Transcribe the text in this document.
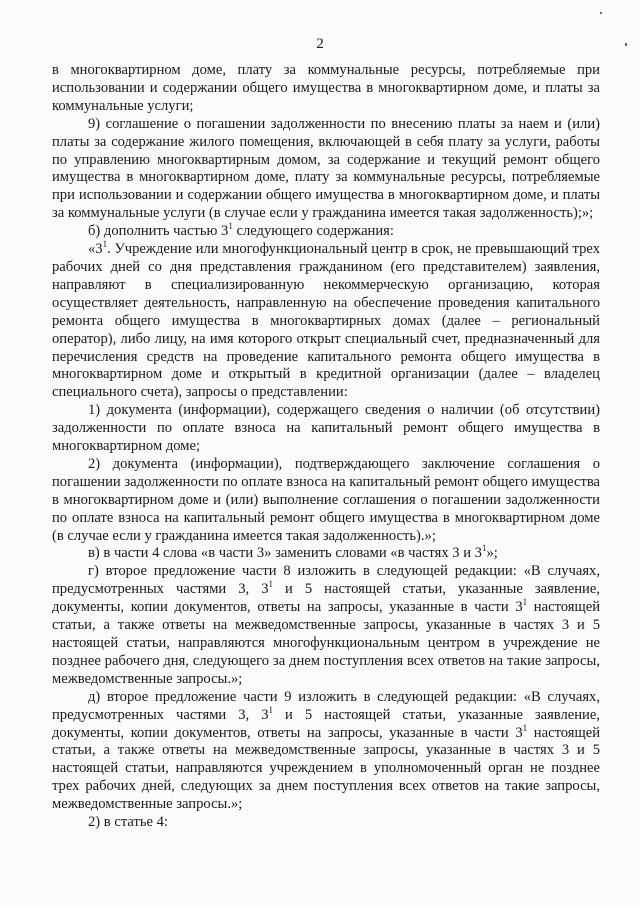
2

в многоквартирном доме, плату за коммунальные ресурсы, потребляемые при использовании и содержании общего имущества в многоквартирном доме, и платы за коммунальные услуги;

9) соглашение о погашении задолженности по внесению платы за наем и (или) платы за содержание жилого помещения, включающей в себя плату за услуги, работы по управлению многоквартирным домом, за содержание и текущий ремонт общего имущества в многоквартирном доме, плату за коммунальные ресурсы, потребляемые при использовании и содержании общего имущества в многоквартирном доме, и платы за коммунальные услуги (в случае если у гражданина имеется такая задолженность);»;

б) дополнить частью $3^1$ следующего содержания:

«$3^1$. Учреждение или многофункциональный центр в срок, не превышающий трех рабочих дней со дня представления гражданином (его представителем) заявления, направляют в специализированную некоммерческую организацию, которая осуществляет деятельность, направленную на обеспечение проведения капитального ремонта общего имущества в многоквартирных домах (далее – региональный оператор), либо лицу, на имя которого открыт специальный счет, предназначенный для перечисления средств на проведение капитального ремонта общего имущества в многоквартирном доме и открытый в кредитной организации (далее – владелец специального счета), запросы о представлении:

1) документа (информации), содержащего сведения о наличии (об отсутствии) задолженности по оплате взноса на капитальный ремонт общего имущества в многоквартирном доме;

2) документа (информации), подтверждающего заключение соглашения о погашении задолженности по оплате взноса на капитальный ремонт общего имущества в многоквартирном доме и (или) выполнение соглашения о погашении задолженности по оплате взноса на капитальный ремонт общего имущества в многоквартирном доме (в случае если у гражданина имеется такая задолженность).»;

в) в части 4 слова «в части 3» заменить словами «в частях 3 и $3^1$»;

г) второе предложение части 8 изложить в следующей редакции: «В случаях, предусмотренных частями 3, $3^1$ и 5 настоящей статьи, указанные заявление, документы, копии документов, ответы на запросы, указанные в части $3^1$ настоящей статьи, а также ответы на межведомственные запросы, указанные в частях 3 и 5 настоящей статьи, направляются многофункциональным центром в учреждение не позднее рабочего дня, следующего за днем поступления всех ответов на такие запросы, межведомственные запросы.»;

д) второе предложение части 9 изложить в следующей редакции: «В случаях, предусмотренных частями 3, $3^1$ и 5 настоящей статьи, указанные заявление, документы, копии документов, ответы на запросы, указанные в части $3^1$ настоящей статьи, а также ответы на межведомственные запросы, указанные в частях 3 и 5 настоящей статьи, направляются учреждением в уполномоченный орган не позднее трех рабочих дней, следующих за днем поступления всех ответов на такие запросы, межведомственные запросы.»;

2) в статье 4:
